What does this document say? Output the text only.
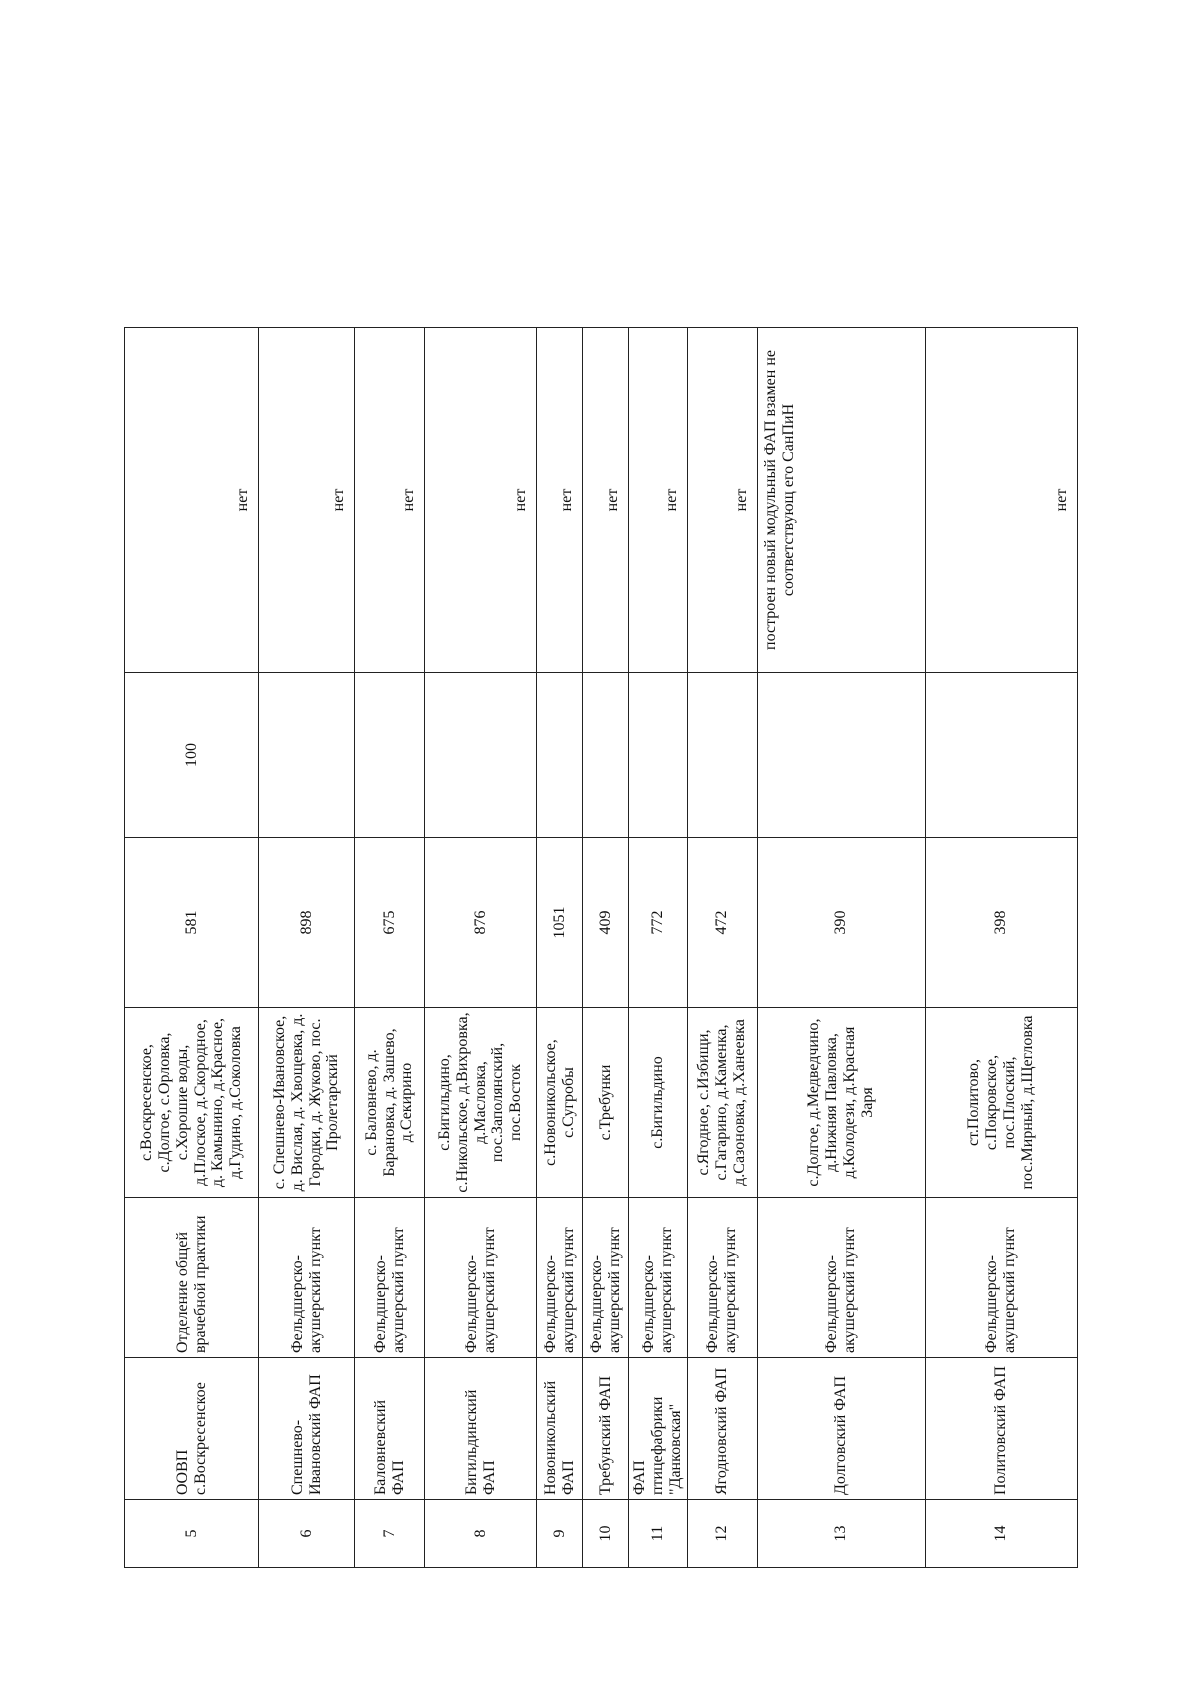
5	ООВП с.Воскресенское	Отделение общей врачебной практики	с.Воскресенское, с.Долгое, с.Орловка, с.Хорошие воды, д.Плоское, д.Скородное, д. Камынино, д.Красное, д.Гудино, д.Соколовка	581	100	нет
6	Спешнево-Ивановский ФАП	Фельдшерско-акушерский пункт	с. Спешнево-Ивановское, д. Вислая, д. Хвощевка, д. Городки, д. Жуково, пос. Пролетарский	898		нет
7	Баловневский ФАП	Фельдшерско-акушерский пункт	с. Баловнево, д. Барановка, д. Зашево, д.Секирино	675		нет
8	Бигильдинский ФАП	Фельдшерско-акушерский пункт	с.Бигильдино, с.Никольское, д.Вихровка, д.Масловка, пос.Заполянский, пос.Восток	876		нет
9	Новоникольский ФАП	Фельдшерско-акушерский пункт	с.Новоникольское, с.Сугробы	1051		нет
10	Требунский ФАП	Фельдшерско-акушерский пункт	с.Требунки	409		нет
11	ФАП птицефабрики "Данковская"	Фельдшерско-акушерский пункт	с.Бигильдино	772		нет
12	Ягодновский ФАП	Фельдшерско-акушерский пункт	с.Ягодное, с.Избищи, с.Гагарино, д.Каменка, д.Сазоновка, д.Ханеевка	472		нет
13	Долговский ФАП	Фельдшерско-акушерский пункт	с.Долгое, д.Медведчино, д.Нижняя Павловка, д.Колодези, д.Красная Заря	390		построен новый модульный ФАП взамен не соответствующ его СанПиН
14	Политовский ФАП	Фельдшерско-акушерский пункт	ст.Политово, с.Покровское, пос.Плоский, пос.Мирный, д.Щегловка	398		нет
